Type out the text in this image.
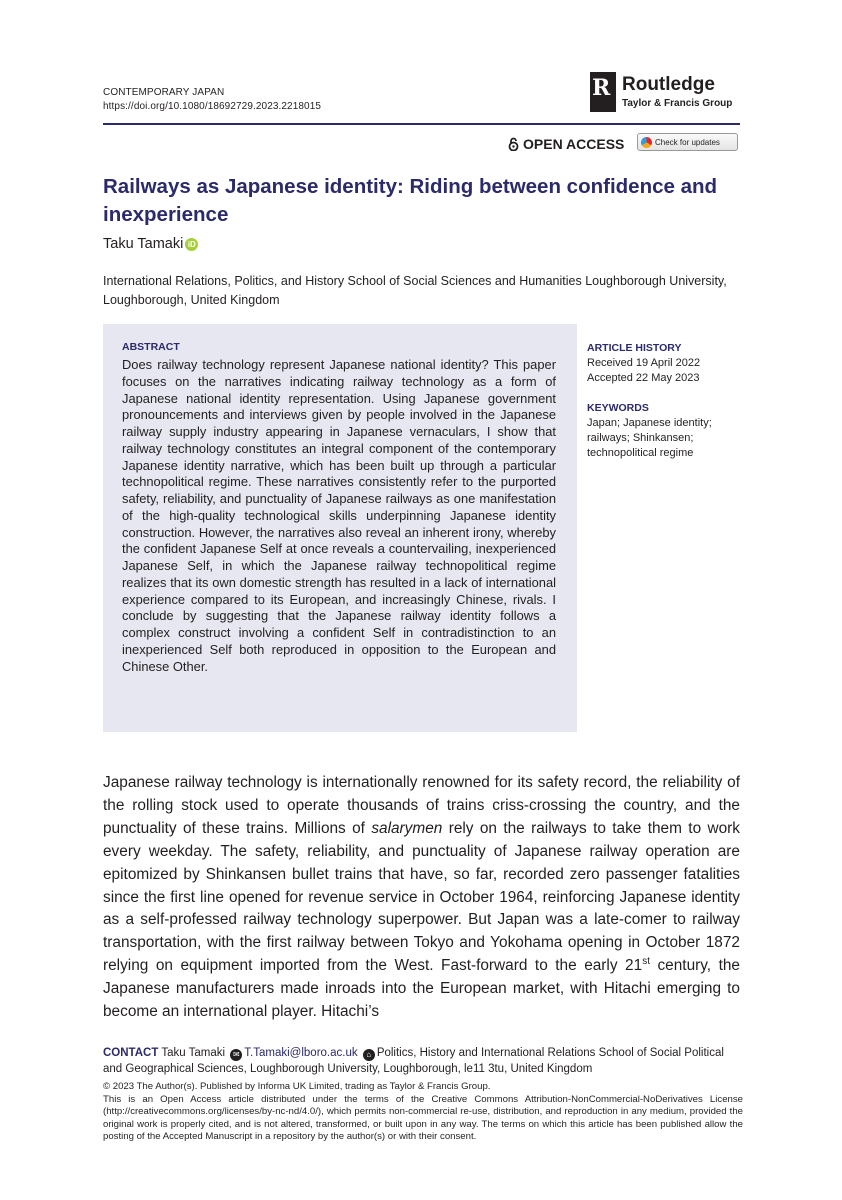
CONTEMPORARY JAPAN
https://doi.org/10.1080/18692729.2023.2218015
R Routledge
Taylor & Francis Group
OPEN ACCESS	Check for updates
Railways as Japanese identity: Riding between confidence and inexperience
Taku Tamaki iD
International Relations, Politics, and History School of Social Sciences and Humanities Loughborough University, Loughborough, United Kingdom
ABSTRACT
Does railway technology represent Japanese national identity? This paper focuses on the narratives indicating railway technology as a form of Japanese national identity representation. Using Japanese government pronouncements and interviews given by people involved in the Japanese railway supply industry appearing in Japanese vernaculars, I show that railway technology constitutes an integral component of the contemporary Japanese identity narrative, which has been built up through a particular technopolitical regime. These narratives consistently refer to the purported safety, reliability, and punctuality of Japanese railways as one manifestation of the high-quality technological skills underpinning Japanese identity construction. However, the narratives also reveal an inherent irony, whereby the confident Japanese Self at once reveals a countervailing, inexperienced Japanese Self, in which the Japanese railway technopolitical regime realizes that its own domestic strength has resulted in a lack of international experience compared to its European, and increasingly Chinese, rivals. I conclude by suggesting that the Japanese railway identity follows a complex construct involving a confident Self in contradistinction to an inexperienced Self both reproduced in opposition to the European and Chinese Other.
ARTICLE HISTORY
Received 19 April 2022
Accepted 22 May 2023
KEYWORDS
Japan; Japanese identity; railways; Shinkansen; technopolitical regime
Japanese railway technology is internationally renowned for its safety record, the reliability of the rolling stock used to operate thousands of trains criss-crossing the country, and the punctuality of these trains. Millions of salarymen rely on the railways to take them to work every weekday. The safety, reliability, and punctuality of Japanese railway operation are epitomized by Shinkansen bullet trains that have, so far, recorded zero passenger fatalities since the first line opened for revenue service in October 1964, reinforcing Japanese identity as a self-professed railway technology superpower. But Japan was a late-comer to railway transportation, with the first railway between Tokyo and Yokohama opening in October 1872 relying on equipment imported from the West. Fast-forward to the early 21st century, the Japanese manufacturers made inroads into the European market, with Hitachi emerging to become an international player. Hitachi’s
CONTACT Taku Tamaki ✉ T.Tamaki@lboro.ac.uk ⌂ Politics, History and International Relations School of Social Political and Geographical Sciences, Loughborough University, Loughborough, le11 3tu, United Kingdom
© 2023 The Author(s). Published by Informa UK Limited, trading as Taylor & Francis Group.
This is an Open Access article distributed under the terms of the Creative Commons Attribution-NonCommercial-NoDerivatives License (http://creativecommons.org/licenses/by-nc-nd/4.0/), which permits non-commercial re-use, distribution, and reproduction in any medium, provided the original work is properly cited, and is not altered, transformed, or built upon in any way. The terms on which this article has been published allow the posting of the Accepted Manuscript in a repository by the author(s) or with their consent.
